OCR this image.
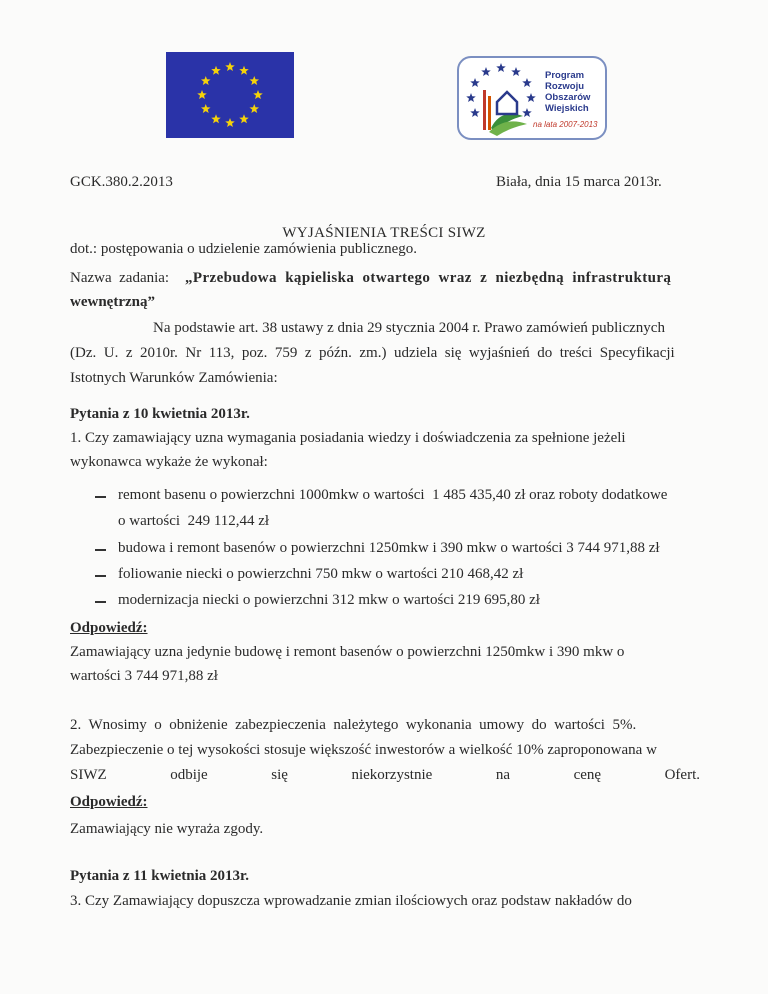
Program
Rozwoju
Obszarów
Wiejskich
na lata 2007-2013
GCK.380.2.2013	Biała, dnia 15 marca 2013r.
WYJAŚNIENIA TREŚCI SIWZ
dot.: postępowania o udzielenie zamówienia publicznego.
Nazwa  zadania: „Przebudowa  kąpieliska  otwartego  wraz  z  niezbędną  infrastrukturą
wewnętrzną”
Na podstawie art. 38 ustawy z dnia 29 stycznia 2004 r. Prawo zamówień publicznych
(Dz.  U.  z  2010r.  Nr  113,  poz.  759  z  późn.  zm.)  udziela  się  wyjaśnień  do  treści  Specyfikacji
Istotnych Warunków Zamówienia:
Pytania z 10 kwietnia 2013r.
1. Czy zamawiający uzna wymagania posiadania wiedzy i doświadczenia za spełnione jeżeli
wykonawca wykaże że wykonał:
remont basenu o powierzchni 1000mkw o wartości  1 485 435,40 zł oraz roboty dodatkowe
o wartości  249 112,44 zł
budowa i remont basenów o powierzchni 1250mkw i 390 mkw o wartości 3 744 971,88 zł
foliowanie niecki o powierzchni 750 mkw o wartości 210 468,42 zł
modernizacja niecki o powierzchni 312 mkw o wartości 219 695,80 zł
Odpowiedź:
Zamawiający uzna jedynie budowę i remont basenów o powierzchni 1250mkw i 390 mkw o
wartości 3 744 971,88 zł
2.  Wnosimy  o  obniżenie  zabezpieczenia  należytego  wykonania  umowy  do  wartości  5%.
Zabezpieczenie o tej wysokości stosuje większość inwestorów a wielkość 10% zaproponowana w
SIWZ	odbije	się	niekorzystnie	na	cenę	Ofert.
Odpowiedź:
Zamawiający nie wyraża zgody.
Pytania z 11 kwietnia 2013r.
3. Czy Zamawiający dopuszcza wprowadzanie zmian ilościowych oraz podstaw nakładów do
